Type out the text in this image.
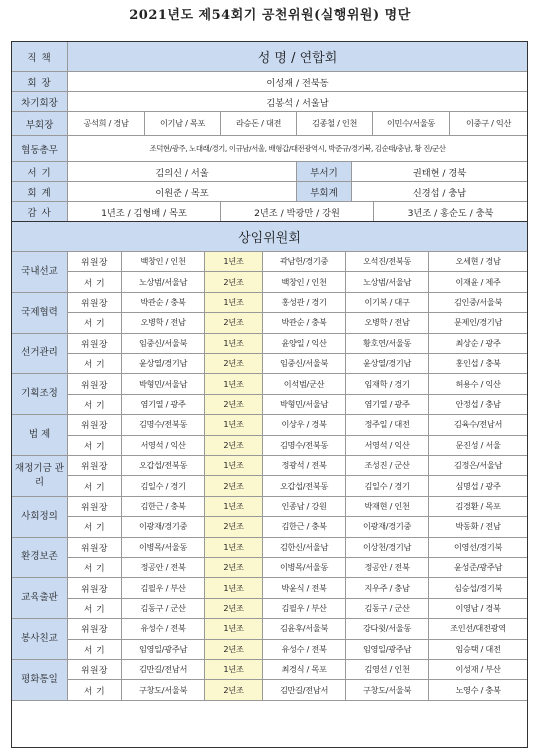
2021년도 제54회기 공천위원(실행위원) 명단
직 책	성 명 / 연합회
회 장	이성재 / 전북동
차기회장	김봉석 / 서울남
부회장	공석희 / 경남	이기남 / 목포	라승돈 / 대전	김종철 / 인천	이민수/서울동	이중구 / 익산
협동총무	조덕현/광주, 노대래/경기, 이규남/서울, 배형갑/대전광역시, 박준규/경기북, 김순태/충남, 황 진/군산
서 기	김의신 / 서울	부서기	권태현 / 경북
회 계	이원준 / 목포	부회계	신경섭 / 충남
감 사	1년조 / 김형배 / 목포	2년조 / 박광만 / 강원	3년조 / 홍순도 / 충북
상임위원회
국내선교
위원장	백창인 / 인천	1년조	곽남헌/경기중	오석진/전북동	오세현 / 경남
서 기	노상범/서울남	2년조	백창인 / 인천	노상범/서울남	이재윤 / 제주
국제협력
위원장	박관순 / 충북	1년조	홍성관 / 경기	이기복 / 대구	김인중/서울북
서 기	오병학 / 전남	2년조	박관순 / 충북	오병학 / 전남	문제인/경기남
선거관리
위원장	임중신/서울북	1년조	윤양일 / 익산	황호연/서울동	최상순 / 광주
서 기	윤상열/경기남	2년조	임중신/서울북	윤상열/경기남	홍인섭 / 충북
기획조정
위원장	박형민/서울남	1년조	이석범/군산	임재학 / 경기	허용수 / 익산
서 기	염기열 / 광주	2년조	박형민/서울남	염기열 / 광주	안정섭 / 충남
법 제
위원장	김명수/전북동	1년조	이상우 / 경북	정주일 / 대전	김육수/전남서
서 기	서영석 / 익산	2년조	김명수/전북동	서영석 / 익산	문진성 / 서울
재정기금 관 리
위원장	오갑섭/전북동	1년조	정광석 / 전북	조성진 / 군산	김정은/서울남
서 기	김일수 / 경기	2년조	오갑섭/전북동	김일수 / 경기	심명섭 / 광주
사회정의
위원장	김한근 / 충북	1년조	인종남 / 강원	박재현 / 인천	김경환 / 목포
서 기	이광재/경기중	2년조	김한근 / 충북	이광재/경기중	박동화 / 전남
환경보존
위원장	이병목/서울동	1년조	김한신/서울남	이상천/경기남	이영선/경기북
서 기	정공안 / 전북	2년조	이병목/서울동	정공안 / 전북	윤성준/광주남
교육출판
위원장	김필우 / 부산	1년조	박윤식 / 전북	지우주 / 충남	심승섭/경기북
서 기	김동구 / 군산	2년조	김필우 / 부산	김동구 / 군산	이영남 / 경북
봉사친교
위원장	유성수 / 전북	1년조	김윤후/서울북	강다윗/서울동	조인선/대전광역
서 기	임영일/광주남	2년조	유성수 / 전북	임영일/광주남	임승택 / 대전
평화통일
위원장	김만길/전남서	1년조	최경식 / 목포	김영선 / 인천	이성재 / 부산
서 기	구창도/서울북	2년조	김만길/전남서	구창도/서울북	노영수 / 충북
